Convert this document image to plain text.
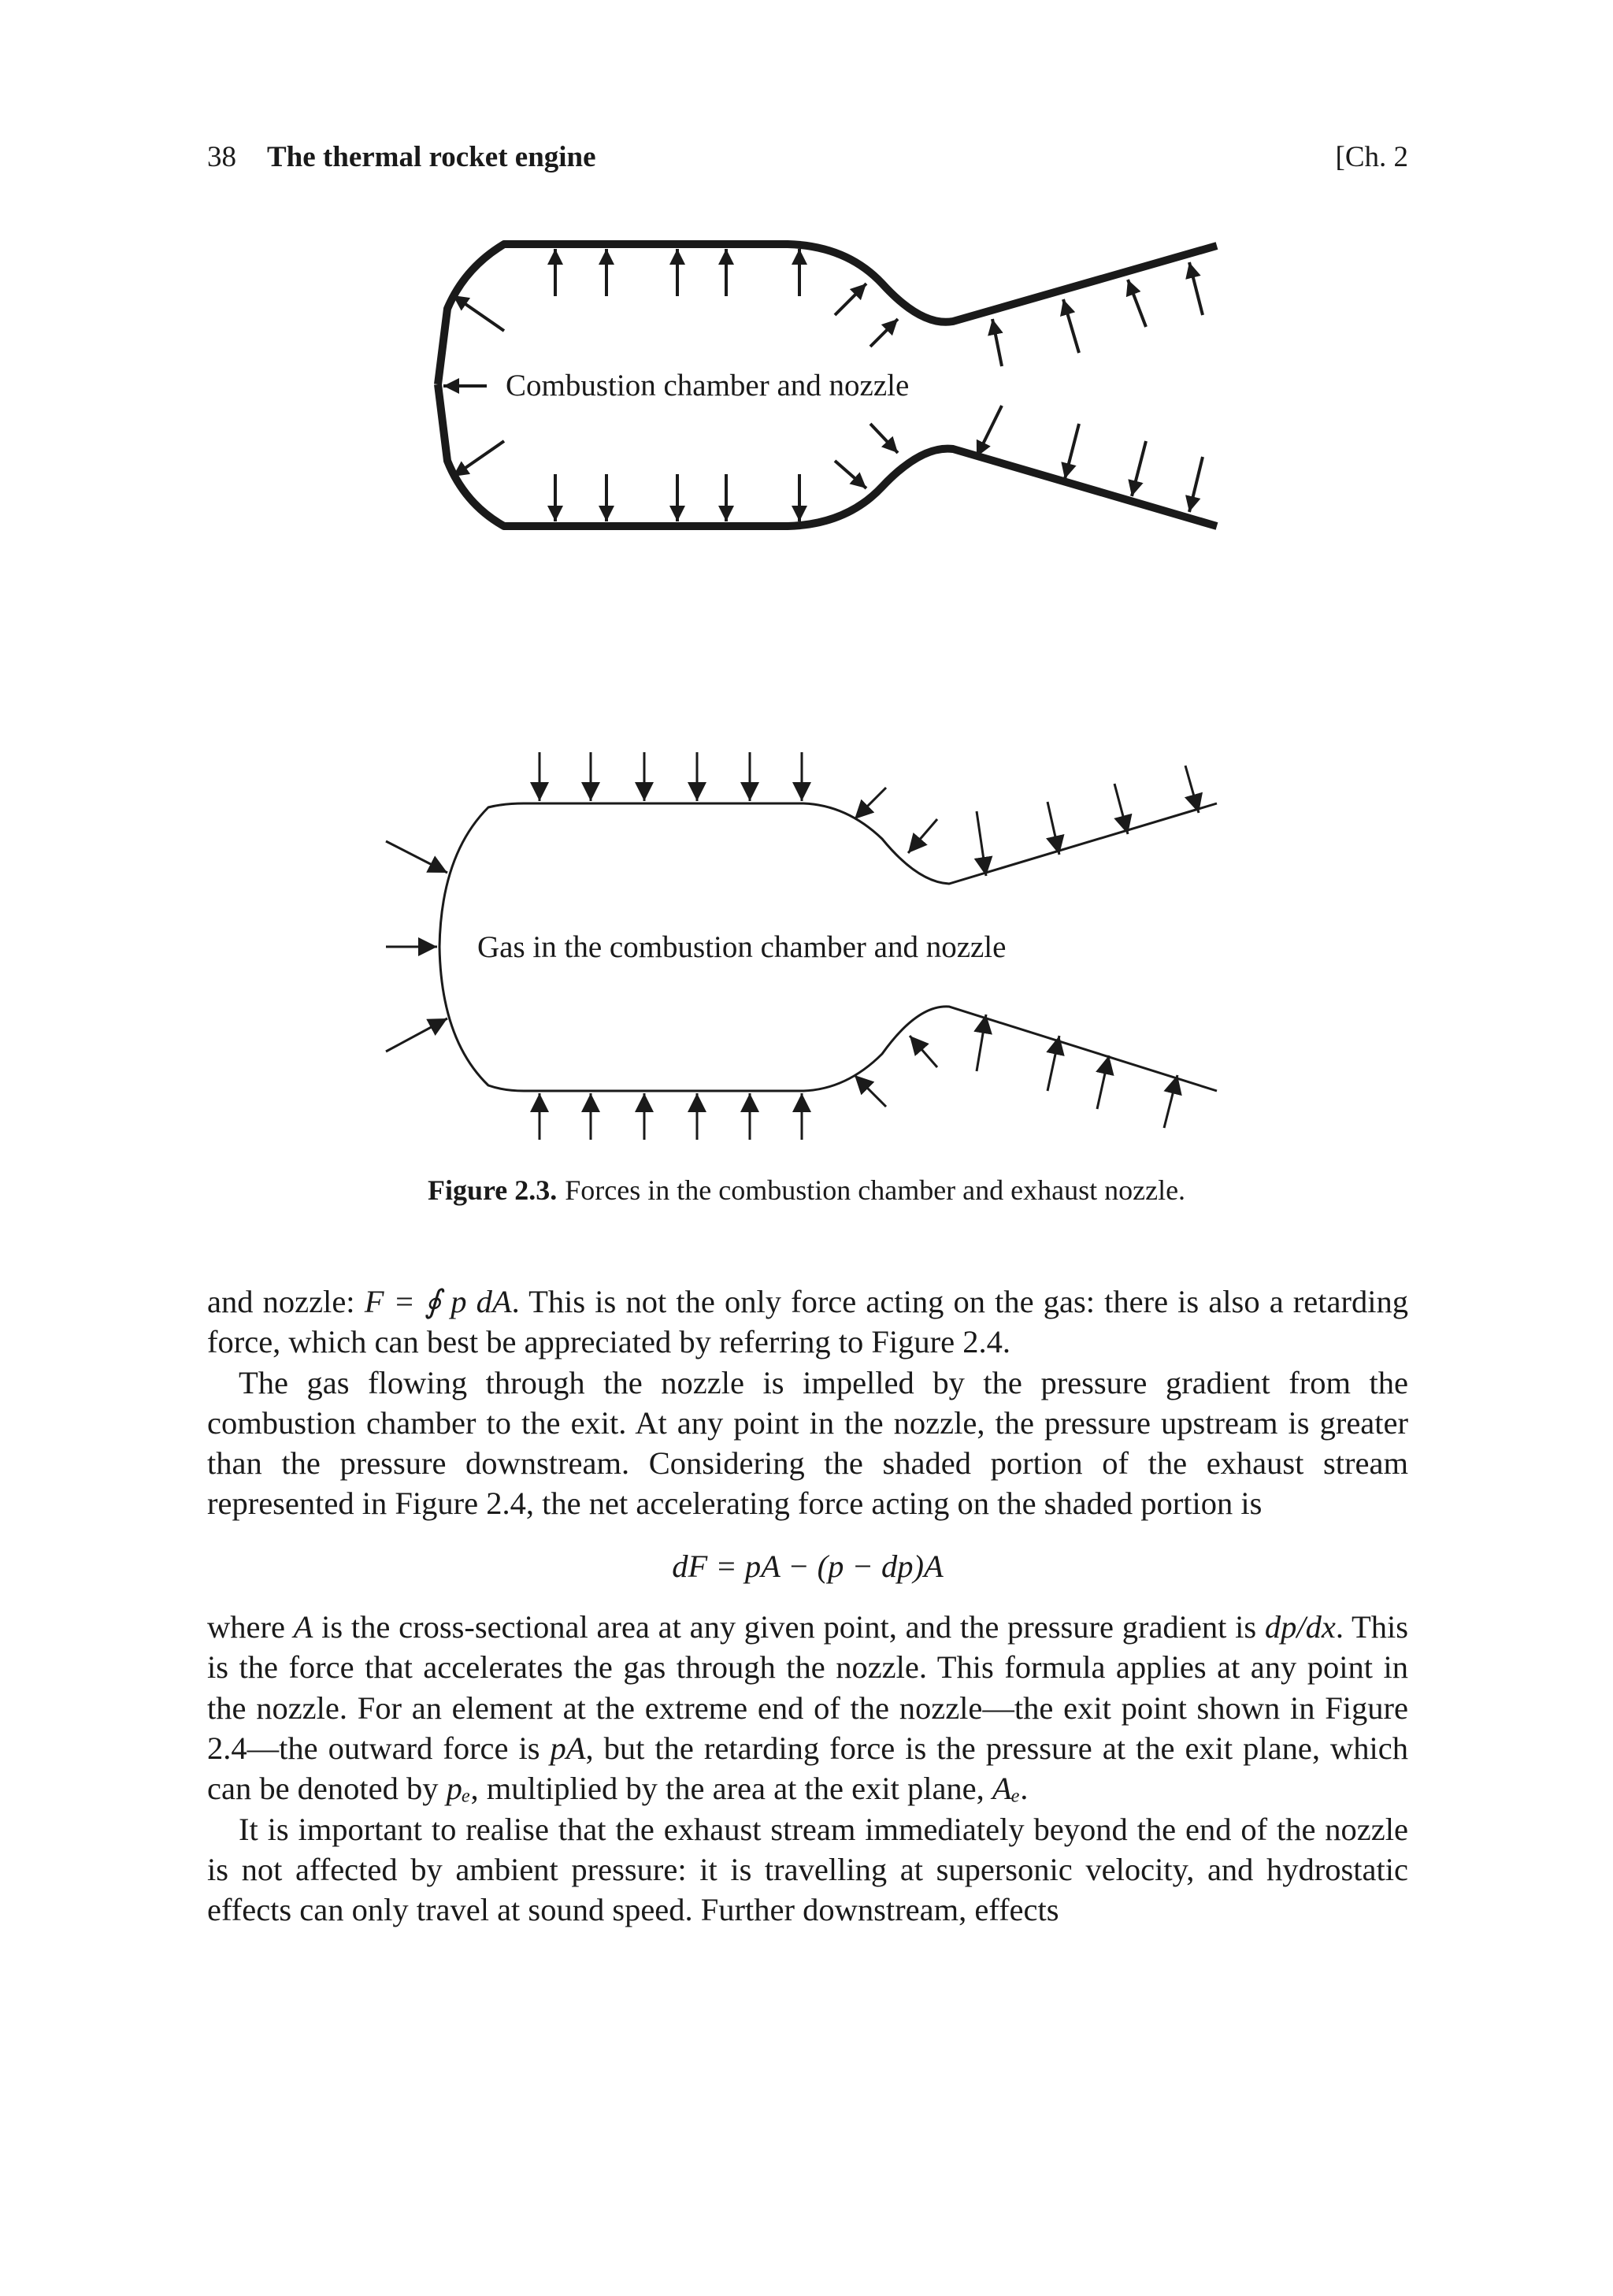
38 The thermal rocket engine	[Ch. 2
Combustion chamber and nozzle
Gas in the combustion chamber and nozzle
Figure 2.3. Forces in the combustion chamber and exhaust nozzle.

and nozzle: F = ∮ p dA. This is not the only force acting on the gas: there is also a retarding force, which can best be appreciated by referring to Figure 2.4.

The gas flowing through the nozzle is impelled by the pressure gradient from the combustion chamber to the exit. At any point in the nozzle, the pressure upstream is greater than the pressure downstream. Considering the shaded portion of the exhaust stream represented in Figure 2.4, the net accelerating force acting on the shaded portion is

dF = pA − (p − dp)A

where A is the cross-sectional area at any given point, and the pressure gradient is dp/dx. This is the force that accelerates the gas through the nozzle. This formula applies at any point in the nozzle. For an element at the extreme end of the nozzle—the exit point shown in Figure 2.4—the outward force is pA, but the retarding force is the pressure at the exit plane, which can be denoted by pₑ, multiplied by the area at the exit plane, Aₑ.

It is important to realise that the exhaust stream immediately beyond the end of the nozzle is not affected by ambient pressure: it is travelling at supersonic velocity, and hydrostatic effects can only travel at sound speed. Further downstream, effects
